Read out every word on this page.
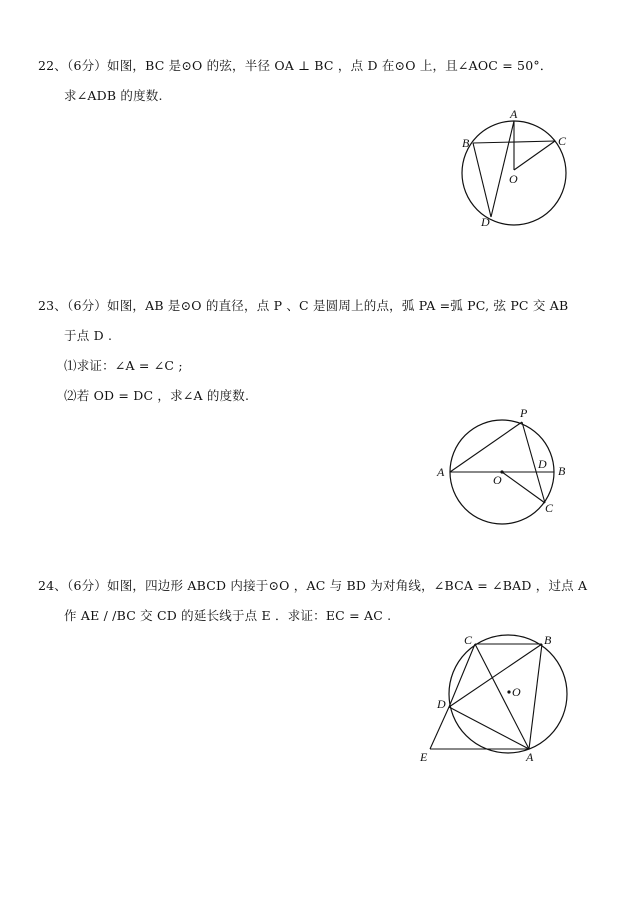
22、（6分）如图，BC 是⊙O 的弦，半径 OA ⊥ BC ，点 D 在⊙O 上，且∠AOC = 50°．
求∠ADB 的度数.
A
B	C
O
D
23、（6分）如图，AB 是⊙O 的直径，点 P 、C 是圆周上的点，弧 PA =弧 PC, 弦 PC 交 AB
于点 D .
⑴求证：∠A = ∠C ;
⑵若 OD = DC ，求∠A 的度数.
P
A
O
D B
C
24、（6分）如图，四边形 ABCD 内接于⊙O ，AC 与 BD 为对角线，∠BCA = ∠BAD ，过点 A
作 AE / /BC 交 CD 的延长线于点 E ．求证：EC = AC .
C	B
O
D
E	A
